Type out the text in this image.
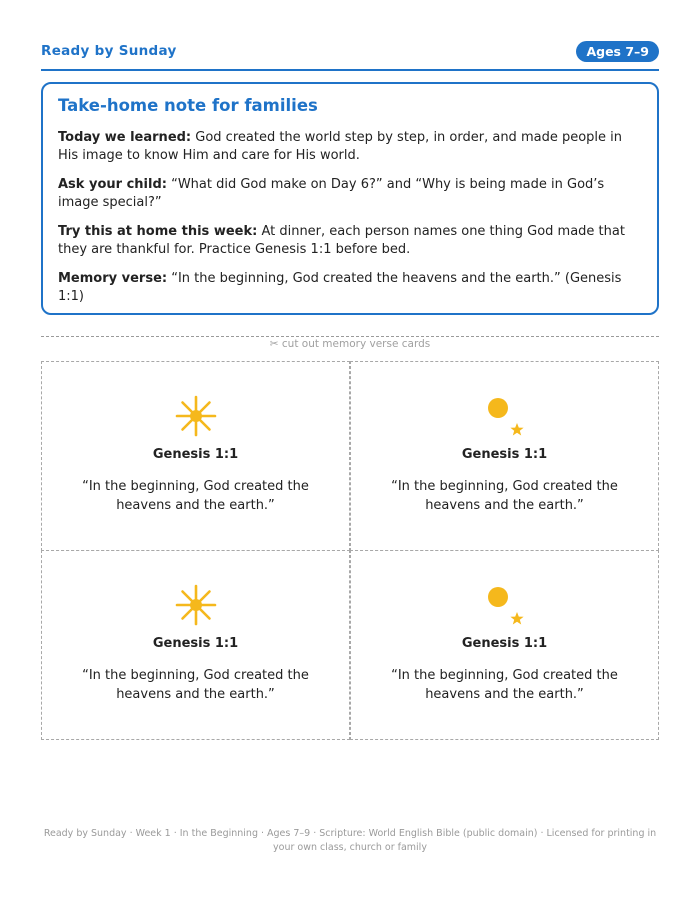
Ready by Sunday	Ages 7–9
Take-home note for families

Today we learned: God created the world step by step, in order, and made people in His image to know Him and care for His world.

Ask your child: “What did God make on Day 6?” and “Why is being made in God’s image special?”

Try this at home this week: At dinner, each person names one thing God made that they are thankful for. Practice Genesis 1:1 before bed.

Memory verse: “In the beginning, God created the heavens and the earth.” (Genesis 1:1)

✂ cut out memory verse cards
Genesis 1:1
“In the beginning, God created the heavens and the earth.”
Genesis 1:1
“In the beginning, God created the heavens and the earth.”
Genesis 1:1
“In the beginning, God created the heavens and the earth.”
Genesis 1:1
“In the beginning, God created the heavens and the earth.”
Ready by Sunday · Week 1 · In the Beginning · Ages 7–9 · Scripture: World English Bible (public domain) · Licensed for printing in your own class, church or family
